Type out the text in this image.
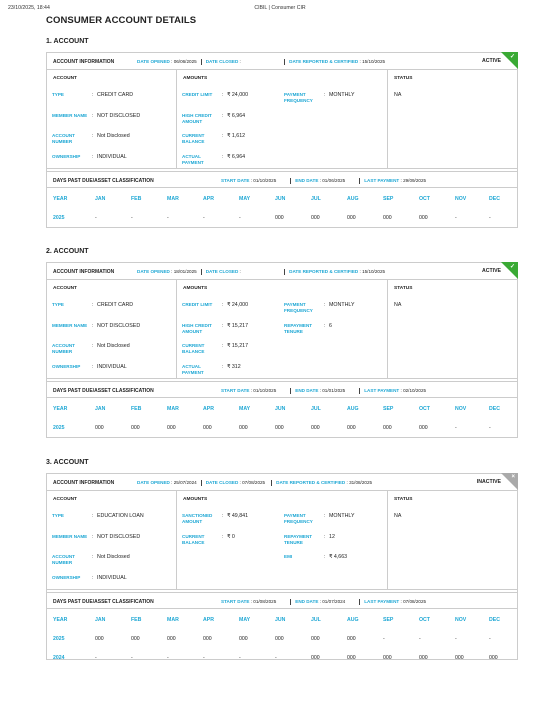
23/10/2025, 18:44	CIBIL | Consumer CIR
CONSUMER ACCOUNT DETAILS
1. ACCOUNT
ACCOUNT INFORMATION	DATE OPENED : 06/06/2025 DATE CLOSED :	DATE REPORTED & CERTIFIED : 15/10/2025	ACTIVE
✓
ACCOUNT
TYPE	: CREDIT CARD
MEMBER NAME : NOT DISCLOSED
ACCOUNT NUMBER
: Not Disclosed
OWNERSHIP	: INDIVIDUAL
AMOUNTS
CREDIT LIMIT	: ₹ 24,000
HIGH CREDIT AMOUNT
: ₹ 6,964
CURRENT BALANCE
: ₹ 1,612
ACTUAL PAYMENT
: ₹ 6,964
PAYMENT FREQUENCY
: MONTHLY
STATUS
NA
DAYS PAST DUE/ASSET CLASSIFICATION	START DATE : 01/10/2025	END DATE : 01/06/2025	LAST PAYMENT : 29/09/2025
YEAR	JAN	FEB	MAR	APR	MAY	JUN	JUL	AUG	SEP	OCT	NOV	DEC
2025	-	-	-	-	-	000	000	000	000	000	-	-
2. ACCOUNT
ACCOUNT INFORMATION	DATE OPENED : 18/01/2025 DATE CLOSED :	DATE REPORTED & CERTIFIED : 15/10/2025	ACTIVE
✓
ACCOUNT
TYPE	: CREDIT CARD
MEMBER NAME : NOT DISCLOSED
ACCOUNT NUMBER
: Not Disclosed
OWNERSHIP	: INDIVIDUAL
AMOUNTS
CREDIT LIMIT	: ₹ 24,000
HIGH CREDIT AMOUNT
: ₹ 15,217
CURRENT BALANCE
: ₹ 15,217
ACTUAL PAYMENT
: ₹ 312
PAYMENT FREQUENCY
: MONTHLY
REPAYMENT TENURE
: 6
STATUS
NA
DAYS PAST DUE/ASSET CLASSIFICATION	START DATE : 01/10/2025	END DATE : 01/01/2025	LAST PAYMENT : 02/10/2025
YEAR	JAN	FEB	MAR	APR	MAY	JUN	JUL	AUG	SEP	OCT	NOV	DEC
2025	000	000	000	000	000	000	000	000	000	000	-	-
3. ACCOUNT
ACCOUNT INFORMATION	DATE OPENED : 25/07/2024 DATE CLOSED : 07/08/2025 DATE REPORTED & CERTIFIED : 31/08/2025	INACTIVE
×
ACCOUNT
TYPE	: EDUCATION LOAN
MEMBER NAME : NOT DISCLOSED
ACCOUNT NUMBER
: Not Disclosed
OWNERSHIP	: INDIVIDUAL
AMOUNTS
SANCTIONED AMOUNT
: ₹ 49,841
CURRENT BALANCE
: ₹ 0
PAYMENT FREQUENCY
: MONTHLY
REPAYMENT TENURE
: 12
EMI	: ₹ 4,663
STATUS
NA
DAYS PAST DUE/ASSET CLASSIFICATION	START DATE : 01/08/2025	END DATE : 01/07/2024	LAST PAYMENT : 07/08/2025
YEAR	JAN	FEB	MAR	APR	MAY	JUN	JUL	AUG	SEP	OCT	NOV	DEC
2025	000	000	000	000	000	000	000	000	-	-	-	-
2024	-	-	-	-	-	-	000	000	000	000	000	000
